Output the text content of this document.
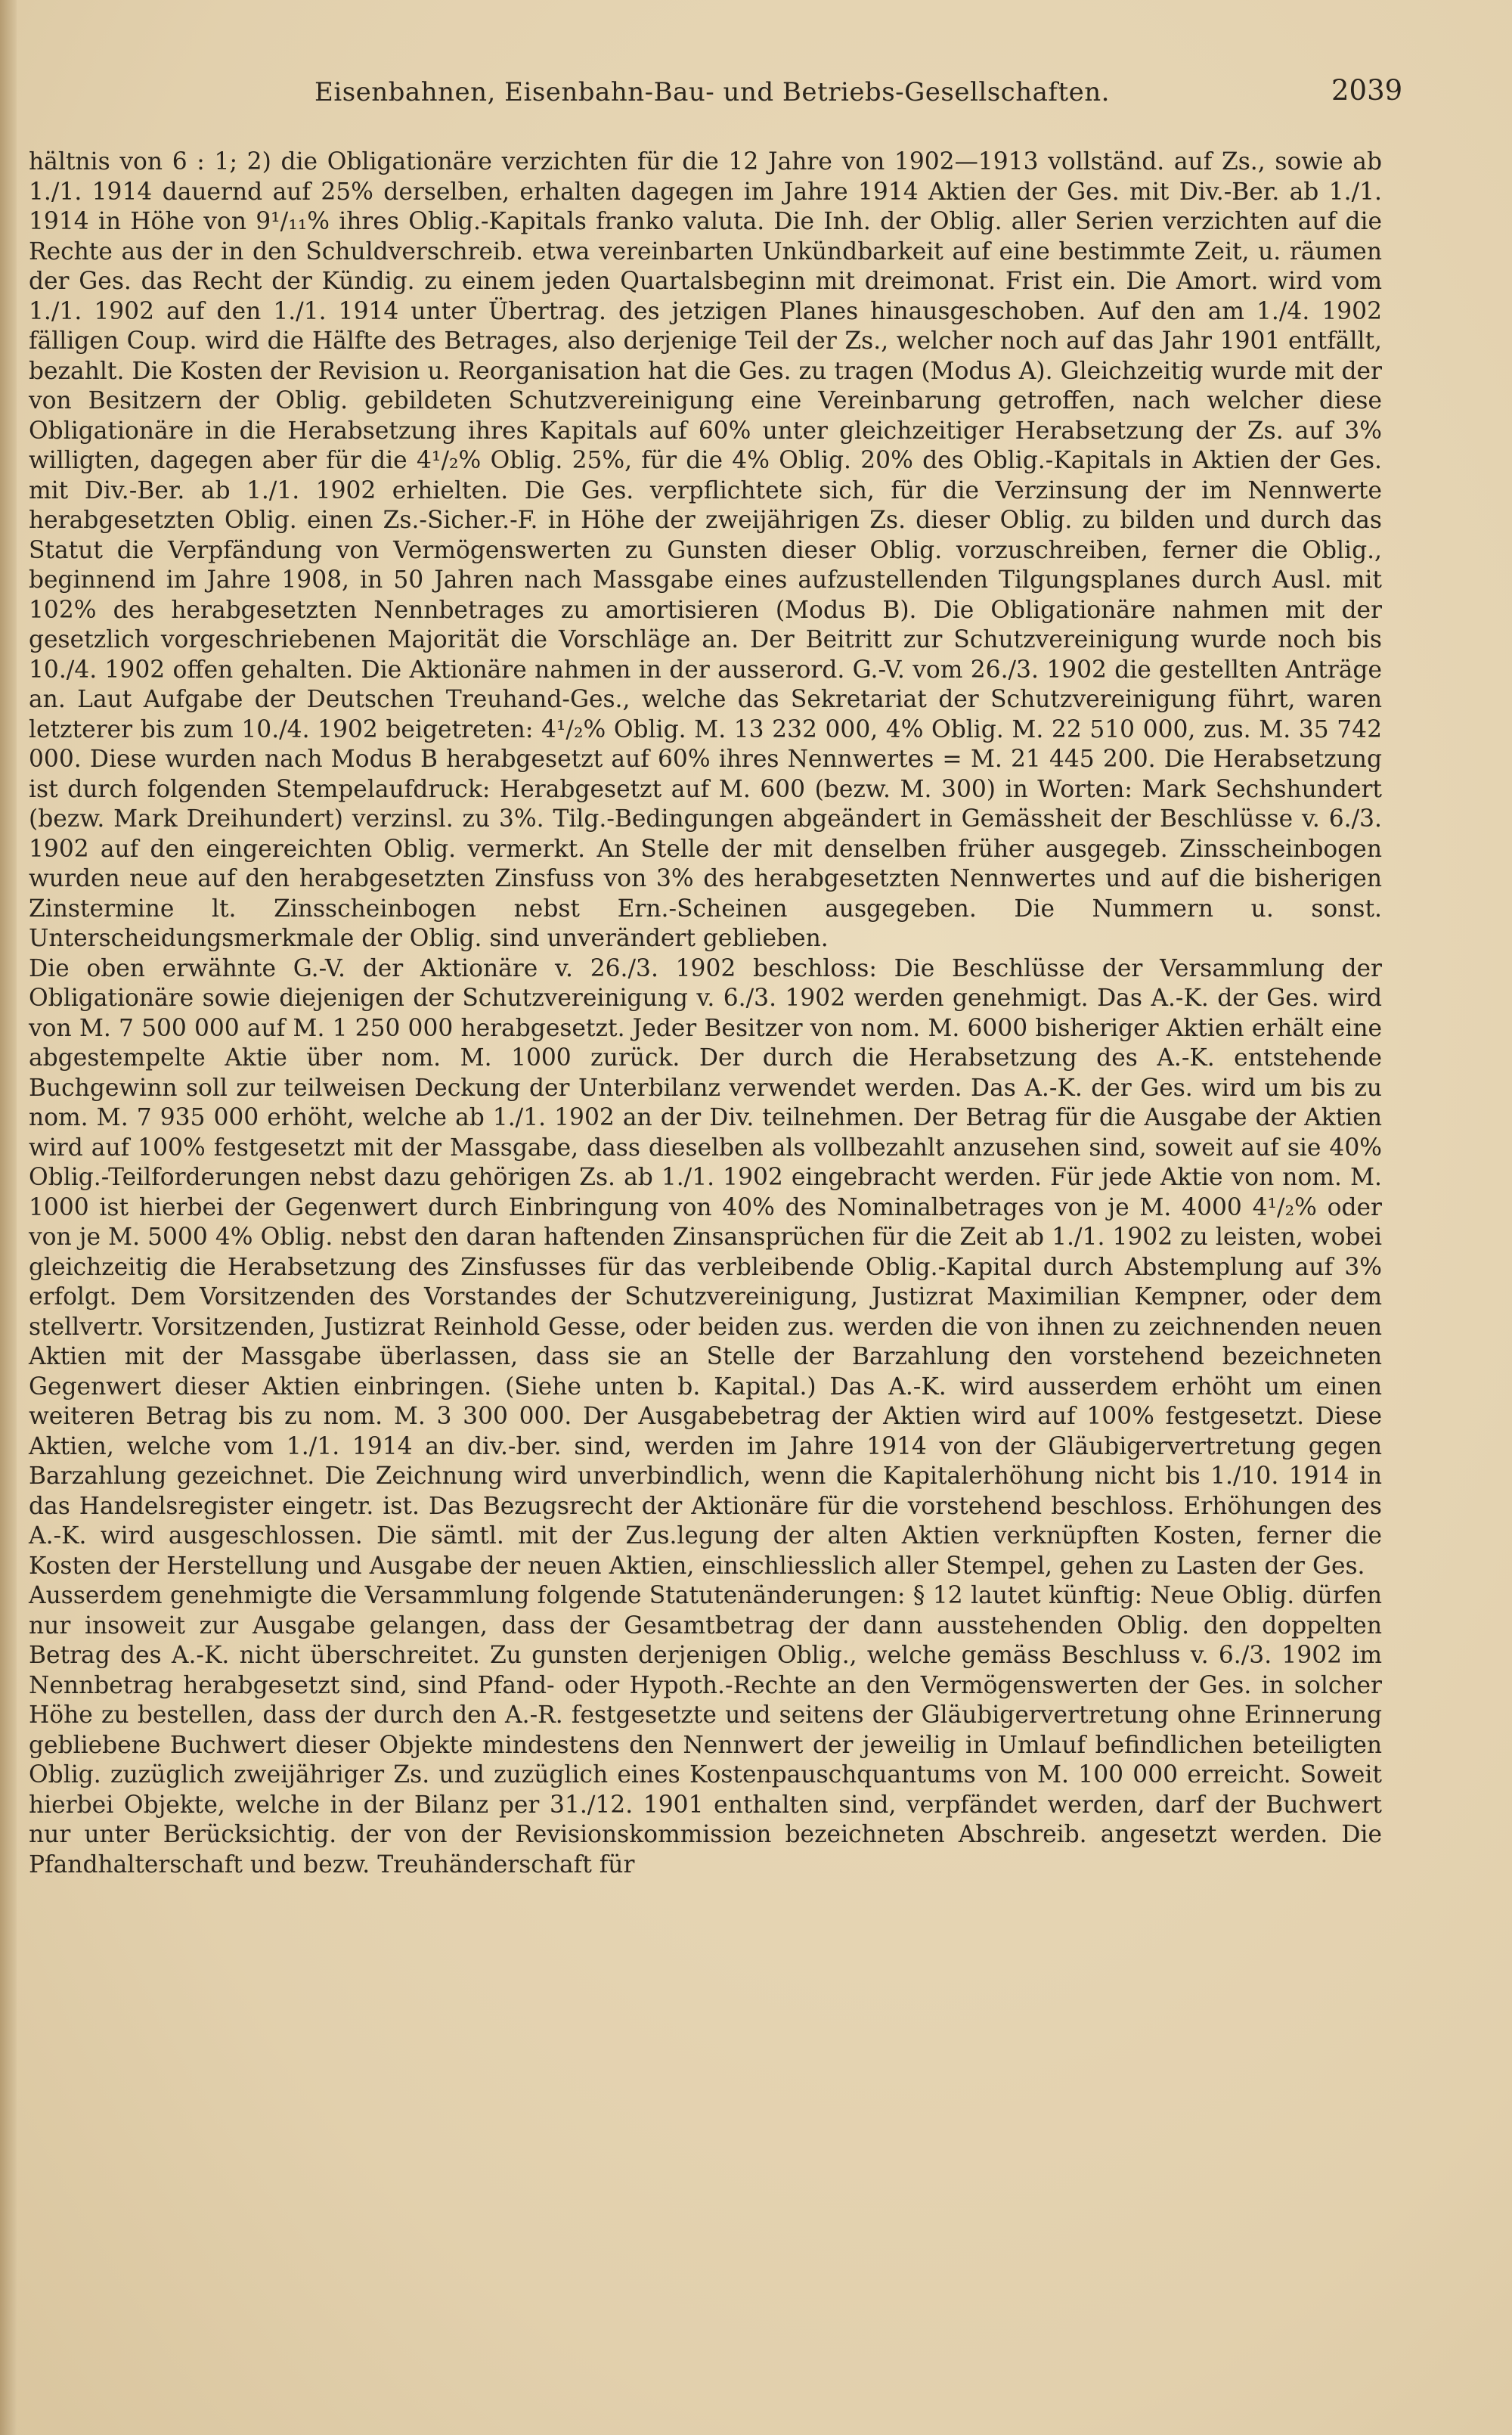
Eisenbahnen, Eisenbahn-Bau- und Betriebs-Gesellschaften.	2039

hältnis von 6 : 1; 2) die Obligationäre verzichten für die 12 Jahre von 1902—1913 vollständ. auf Zs., sowie ab 1./1. 1914 dauernd auf 25% derselben, erhalten dagegen im Jahre 1914 Aktien der Ges. mit Div.-Ber. ab 1./1. 1914 in Höhe von 9¹/₁₁% ihres Oblig.-Kapitals franko valuta. Die Inh. der Oblig. aller Serien verzichten auf die Rechte aus der in den Schuldverschreib. etwa vereinbarten Unkündbarkeit auf eine bestimmte Zeit, u. räumen der Ges. das Recht der Kündig. zu einem jeden Quartalsbeginn mit dreimonat. Frist ein. Die Amort. wird vom 1./1. 1902 auf den 1./1. 1914 unter Übertrag. des jetzigen Planes hinausgeschoben. Auf den am 1./4. 1902 fälligen Coup. wird die Hälfte des Betrages, also derjenige Teil der Zs., welcher noch auf das Jahr 1901 entfällt, bezahlt. Die Kosten der Revision u. Reorganisation hat die Ges. zu tragen (Modus A). Gleichzeitig wurde mit der von Besitzern der Oblig. gebildeten Schutzvereinigung eine Vereinbarung getroffen, nach welcher diese Obligationäre in die Herabsetzung ihres Kapitals auf 60% unter gleichzeitiger Herabsetzung der Zs. auf 3% willigten, dagegen aber für die 4¹/₂% Oblig. 25%, für die 4% Oblig. 20% des Oblig.-Kapitals in Aktien der Ges. mit Div.-Ber. ab 1./1. 1902 erhielten. Die Ges. verpflichtete sich, für die Verzinsung der im Nennwerte herabgesetzten Oblig. einen Zs.-Sicher.-F. in Höhe der zweijährigen Zs. dieser Oblig. zu bilden und durch das Statut die Verpfändung von Vermögenswerten zu Gunsten dieser Oblig. vorzuschreiben, ferner die Oblig., beginnend im Jahre 1908, in 50 Jahren nach Massgabe eines aufzustellenden Tilgungsplanes durch Ausl. mit 102% des herabgesetzten Nennbetrages zu amortisieren (Modus B). Die Obligationäre nahmen mit der gesetzlich vorgeschriebenen Majorität die Vorschläge an. Der Beitritt zur Schutzvereinigung wurde noch bis 10./4. 1902 offen gehalten. Die Aktionäre nahmen in der ausserord. G.-V. vom 26./3. 1902 die gestellten Anträge an. Laut Aufgabe der Deutschen Treuhand-Ges., welche das Sekretariat der Schutzvereinigung führt, waren letzterer bis zum 10./4. 1902 beigetreten: 4¹/₂% Oblig. M. 13 232 000, 4% Oblig. M. 22 510 000, zus. M. 35 742 000. Diese wurden nach Modus B herabgesetzt auf 60% ihres Nennwertes = M. 21 445 200. Die Herabsetzung ist durch folgenden Stempelaufdruck: Herabgesetzt auf M. 600 (bezw. M. 300) in Worten: Mark Sechshundert (bezw. Mark Dreihundert) verzinsl. zu 3%. Tilg.-Bedingungen abgeändert in Gemässheit der Beschlüsse v. 6./3. 1902 auf den eingereichten Oblig. vermerkt. An Stelle der mit denselben früher ausgegeb. Zinsscheinbogen wurden neue auf den herabgesetzten Zinsfuss von 3% des herabgesetzten Nennwertes und auf die bisherigen Zinstermine lt. Zinsscheinbogen nebst Ern.-Scheinen ausgegeben. Die Nummern u. sonst. Unterscheidungsmerkmale der Oblig. sind unverändert geblieben.

Die oben erwähnte G.-V. der Aktionäre v. 26./3. 1902 beschloss: Die Beschlüsse der Versammlung der Obligationäre sowie diejenigen der Schutzvereinigung v. 6./3. 1902 werden genehmigt. Das A.-K. der Ges. wird von M. 7 500 000 auf M. 1 250 000 herabgesetzt. Jeder Besitzer von nom. M. 6000 bisheriger Aktien erhält eine abgestempelte Aktie über nom. M. 1000 zurück. Der durch die Herabsetzung des A.-K. entstehende Buchgewinn soll zur teilweisen Deckung der Unterbilanz verwendet werden. Das A.-K. der Ges. wird um bis zu nom. M. 7 935 000 erhöht, welche ab 1./1. 1902 an der Div. teilnehmen. Der Betrag für die Ausgabe der Aktien wird auf 100% festgesetzt mit der Massgabe, dass dieselben als vollbezahlt anzusehen sind, soweit auf sie 40% Oblig.-Teilforderungen nebst dazu gehörigen Zs. ab 1./1. 1902 eingebracht werden. Für jede Aktie von nom. M. 1000 ist hierbei der Gegenwert durch Einbringung von 40% des Nominalbetrages von je M. 4000 4¹/₂% oder von je M. 5000 4% Oblig. nebst den daran haftenden Zinsansprüchen für die Zeit ab 1./1. 1902 zu leisten, wobei gleichzeitig die Herabsetzung des Zinsfusses für das verbleibende Oblig.-Kapital durch Abstemplung auf 3% erfolgt. Dem Vorsitzenden des Vorstandes der Schutzvereinigung, Justizrat Maximilian Kempner, oder dem stellvertr. Vorsitzenden, Justizrat Reinhold Gesse, oder beiden zus. werden die von ihnen zu zeichnenden neuen Aktien mit der Massgabe überlassen, dass sie an Stelle der Barzahlung den vorstehend bezeichneten Gegenwert dieser Aktien einbringen. (Siehe unten b. Kapital.) Das A.-K. wird ausserdem erhöht um einen weiteren Betrag bis zu nom. M. 3 300 000. Der Ausgabebetrag der Aktien wird auf 100% festgesetzt. Diese Aktien, welche vom 1./1. 1914 an div.-ber. sind, werden im Jahre 1914 von der Gläubigervertretung gegen Barzahlung gezeichnet. Die Zeichnung wird unverbindlich, wenn die Kapitalerhöhung nicht bis 1./10. 1914 in das Handelsregister eingetr. ist. Das Bezugsrecht der Aktionäre für die vorstehend beschloss. Erhöhungen des A.-K. wird ausgeschlossen. Die sämtl. mit der Zus.legung der alten Aktien verknüpften Kosten, ferner die Kosten der Herstellung und Ausgabe der neuen Aktien, einschliesslich aller Stempel, gehen zu Lasten der Ges.

Ausserdem genehmigte die Versammlung folgende Statutenänderungen: § 12 lautet künftig: Neue Oblig. dürfen nur insoweit zur Ausgabe gelangen, dass der Gesamtbetrag der dann ausstehenden Oblig. den doppelten Betrag des A.-K. nicht überschreitet. Zu gunsten derjenigen Oblig., welche gemäss Beschluss v. 6./3. 1902 im Nennbetrag herabgesetzt sind, sind Pfand- oder Hypoth.-Rechte an den Vermögenswerten der Ges. in solcher Höhe zu bestellen, dass der durch den A.-R. festgesetzte und seitens der Gläubigervertretung ohne Erinnerung gebliebene Buchwert dieser Objekte mindestens den Nennwert der jeweilig in Umlauf befindlichen beteiligten Oblig. zuzüglich zweijähriger Zs. und zuzüglich eines Kostenpauschquantums von M. 100 000 erreicht. Soweit hierbei Objekte, welche in der Bilanz per 31./12. 1901 enthalten sind, verpfändet werden, darf der Buchwert nur unter Berücksichtig. der von der Revisionskommission bezeichneten Abschreib. angesetzt werden. Die Pfandhalterschaft und bezw. Treuhänderschaft für
